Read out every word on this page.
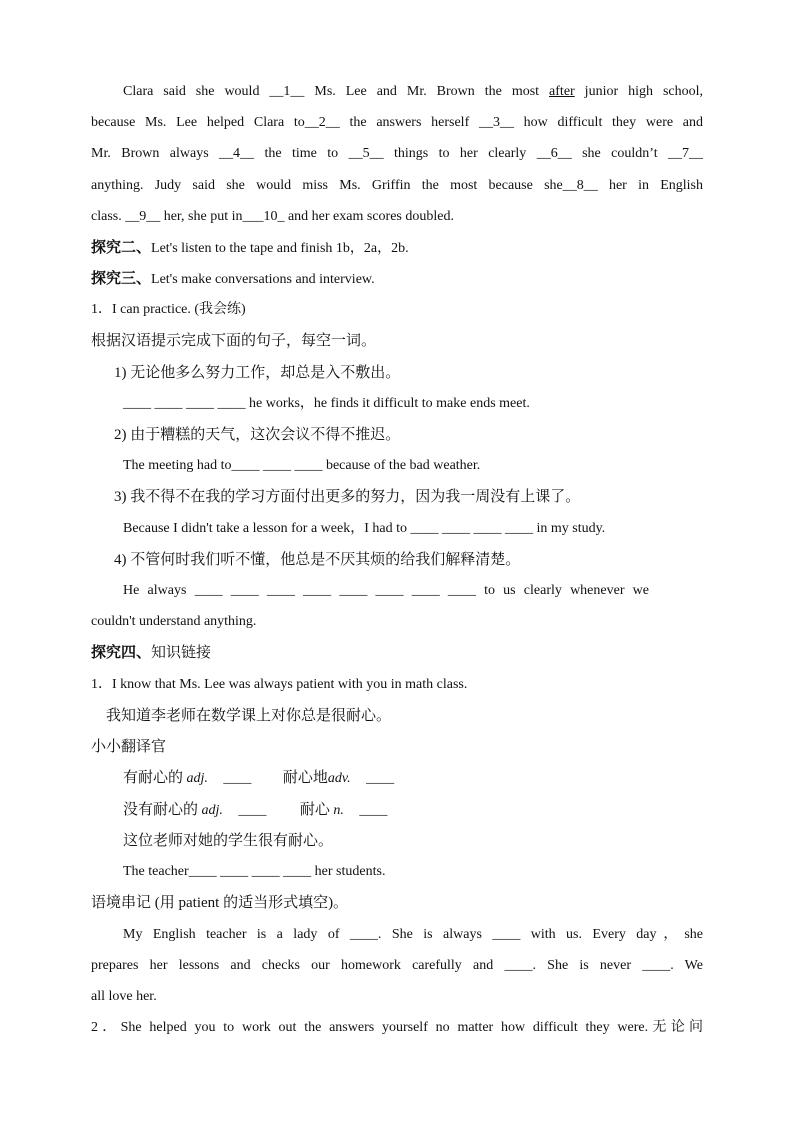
Clara said she would __1__ Ms. Lee and Mr. Brown the most after junior high school,
because Ms. Lee helped Clara to__2__ the answers herself __3__ how difficult they were and
Mr. Brown always __4__ the time to __5__ things to her clearly __6__ she couldn’t __7__
anything. Judy said she would miss Ms. Griffin the most because she__8__ her in English
class. __9__ her, she put in___10_ and her exam scores doubled.
探究二、Let's listen to the tape and finish 1b，2a，2b.
探究三、Let's make conversations and interview.
1．I can practice. (我会练)
根据汉语提示完成下面的句子，每空一词。
1) 无论他多么努力工作，却总是入不敷出。
____ ____ ____ ____ he works，he finds it difficult to make ends meet.
2) 由于糟糕的天气，这次会议不得不推迟。
The meeting had to____ ____ ____ because of the bad weather.
3) 我不得不在我的学习方面付出更多的努力，因为我一周没有上课了。
Because I didn't take a lesson for a week，I had to ____ ____ ____ ____ in my study.
4) 不管何时我们听不懂，他总是不厌其烦的给我们解释清楚。
He always ____ ____ ____ ____ ____ ____ ____ ____ to us clearly whenever we
couldn't understand anything.
探究四、知识链接
1．I know that Ms. Lee was always patient with you in math class.
我知道李老师在数学课上对你总是很耐心。
小小翻译官
有耐心的 adj. ____ 耐心地adv. ____
没有耐心的 adj. ____ 耐心 n. ____
这位老师对她的学生很有耐心。
The teacher____ ____ ____ ____ her students.
语境串记 (用 patient 的适当形式填空)。
My English teacher is a lady of ____. She is always ____ with us. Every day，she
prepares her lessons and checks our homework carefully and ____. She is never ____. We
all love her.
2．She helped you to work out the answers yourself no matter how difficult they were.无论问
